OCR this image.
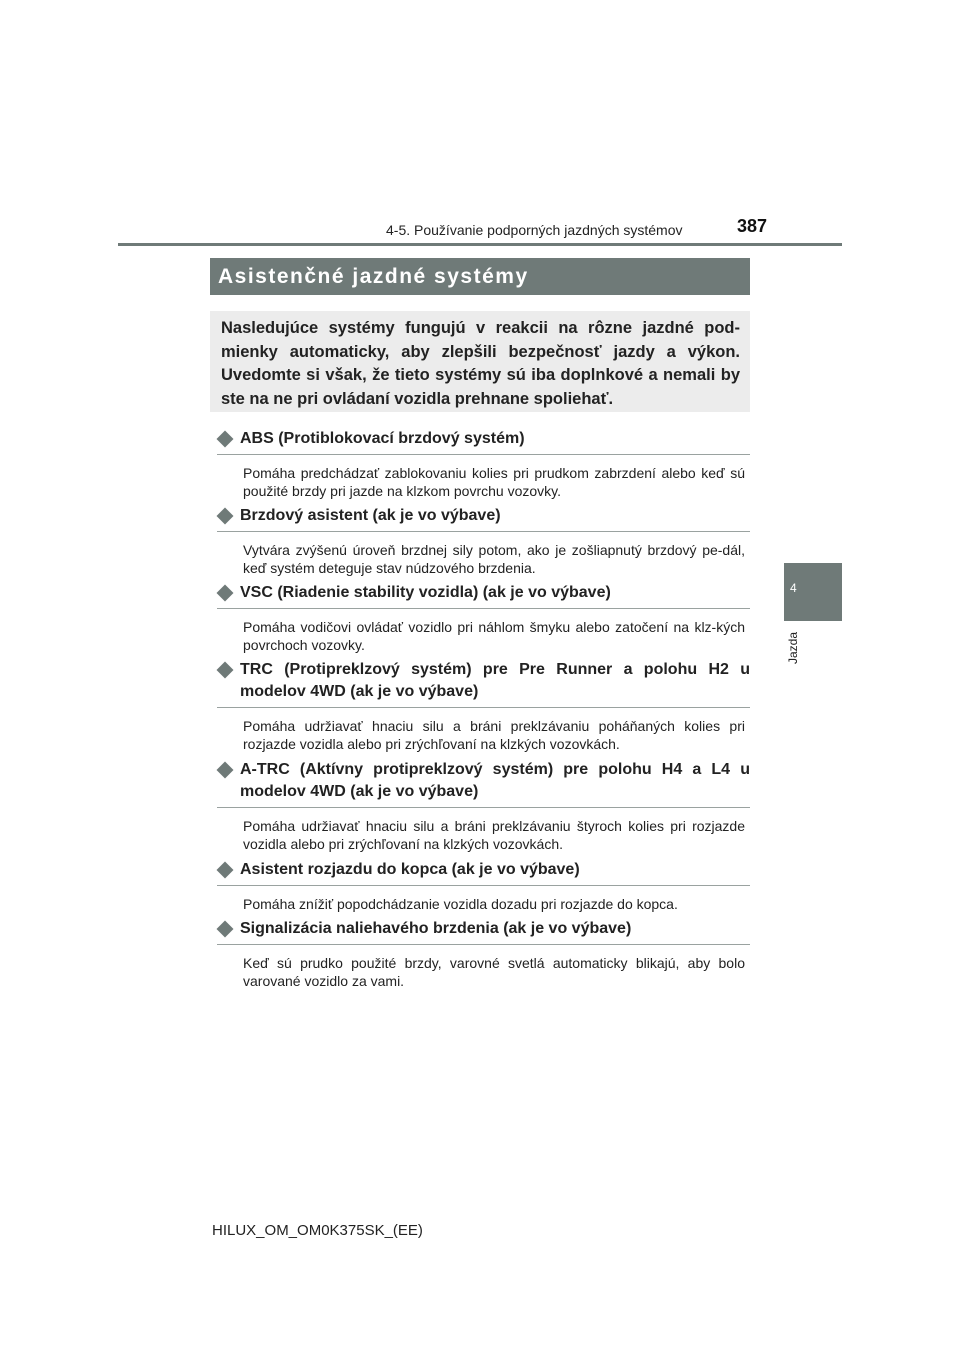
4-5. Používanie podporných jazdných systémov	387
4
Jazda
Asistenčné jazdné systémy
Nasledujúce systémy fungujú v reakcii na rôzne jazdné pod-mienky automaticky, aby zlepšili bezpečnosť jazdy a výkon. Uvedomte si však, že tieto systémy sú iba doplnkové a nemali by ste na ne pri ovládaní vozidla prehnane spoliehať.
ABS (Protiblokovací brzdový systém)
Pomáha predchádzať zablokovaniu kolies pri prudkom zabrzdení alebo keď sú použité brzdy pri jazde na klzkom povrchu vozovky.
Brzdový asistent (ak je vo výbave)
Vytvára zvýšenú úroveň brzdnej sily potom, ako je zošliapnutý brzdový pe-dál, keď systém deteguje stav núdzového brzdenia.
VSC (Riadenie stability vozidla) (ak je vo výbave)
Pomáha vodičovi ovládať vozidlo pri náhlom šmyku alebo zatočení na klz-kých povrchoch vozovky.
TRC (Protipreklzový systém) pre Pre Runner a polohu H2 u modelov 4WD (ak je vo výbave)
Pomáha udržiavať hnaciu silu a bráni preklzávaniu poháňaných kolies pri rozjazde vozidla alebo pri zrýchľovaní na klzkých vozovkách.
A-TRC (Aktívny protipreklzový systém) pre polohu H4 a L4 u modelov 4WD (ak je vo výbave)
Pomáha udržiavať hnaciu silu a bráni preklzávaniu štyroch kolies pri rozjazde vozidla alebo pri zrýchľovaní na klzkých vozovkách.
Asistent rozjazdu do kopca (ak je vo výbave)
Pomáha znížiť popodchádzanie vozidla dozadu pri rozjazde do kopca.
Signalizácia naliehavého brzdenia (ak je vo výbave)
Keď sú prudko použité brzdy, varovné svetlá automaticky blikajú, aby bolo varované vozidlo za vami.
HILUX_OM_OM0K375SK_(EE)
